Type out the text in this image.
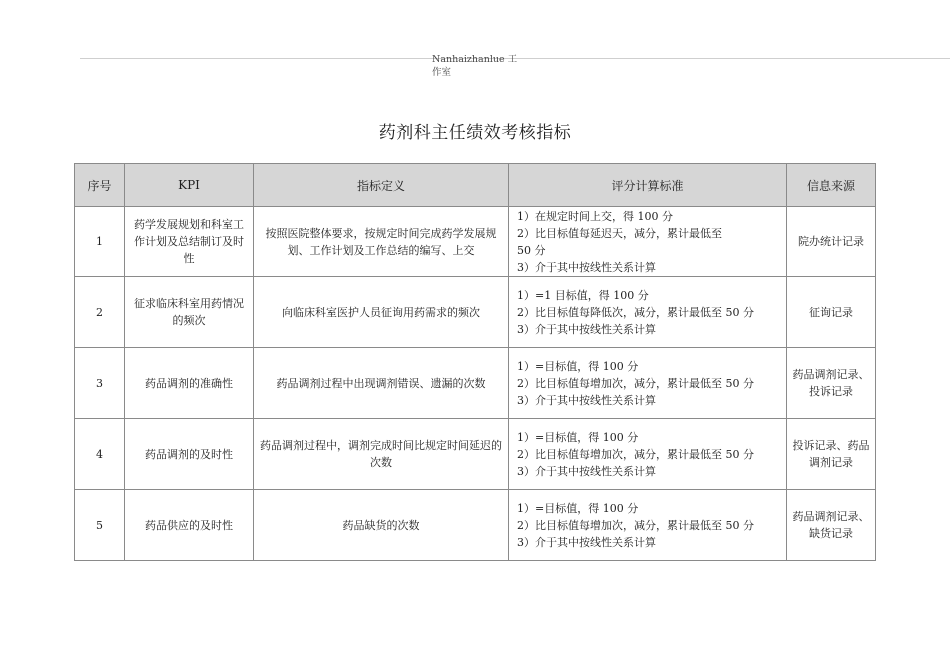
Nanhaizhanlue 工作室
药剂科主任绩效考核指标
序号	KPI	指标定义	评分计算标准	信息来源
1	药学发展规划和科室工作计划及总结制订及时性	按照医院整体要求，按规定时间完成药学发展规划、工作计划及工作总结的编写、上交	1）在规定时间上交，得 100 分
2）比目标值每延迟天，减分，累计最低至
50 分
3）介于其中按线性关系计算	院办统计记录
2	征求临床科室用药情况的频次	向临床科室医护人员征询用药需求的频次	1）=1 目标值，得 100 分
2）比目标值每降低次，减分，累计最低至 50 分
3）介于其中按线性关系计算	征询记录
3	药品调剂的准确性	药品调剂过程中出现调剂错误、遗漏的次数	1）=目标值，得 100 分
2）比目标值每增加次，减分，累计最低至 50 分
3）介于其中按线性关系计算	药品调剂记录、投诉记录
4	药品调剂的及时性	药品调剂过程中，调剂完成时间比规定时间延迟的次数	1）=目标值，得 100 分
2）比目标值每增加次，减分，累计最低至 50 分
3）介于其中按线性关系计算	投诉记录、药品调剂记录
5	药品供应的及时性	药品缺货的次数	1）=目标值，得 100 分
2）比目标值每增加次，减分，累计最低至 50 分
3）介于其中按线性关系计算	药品调剂记录、缺货记录
